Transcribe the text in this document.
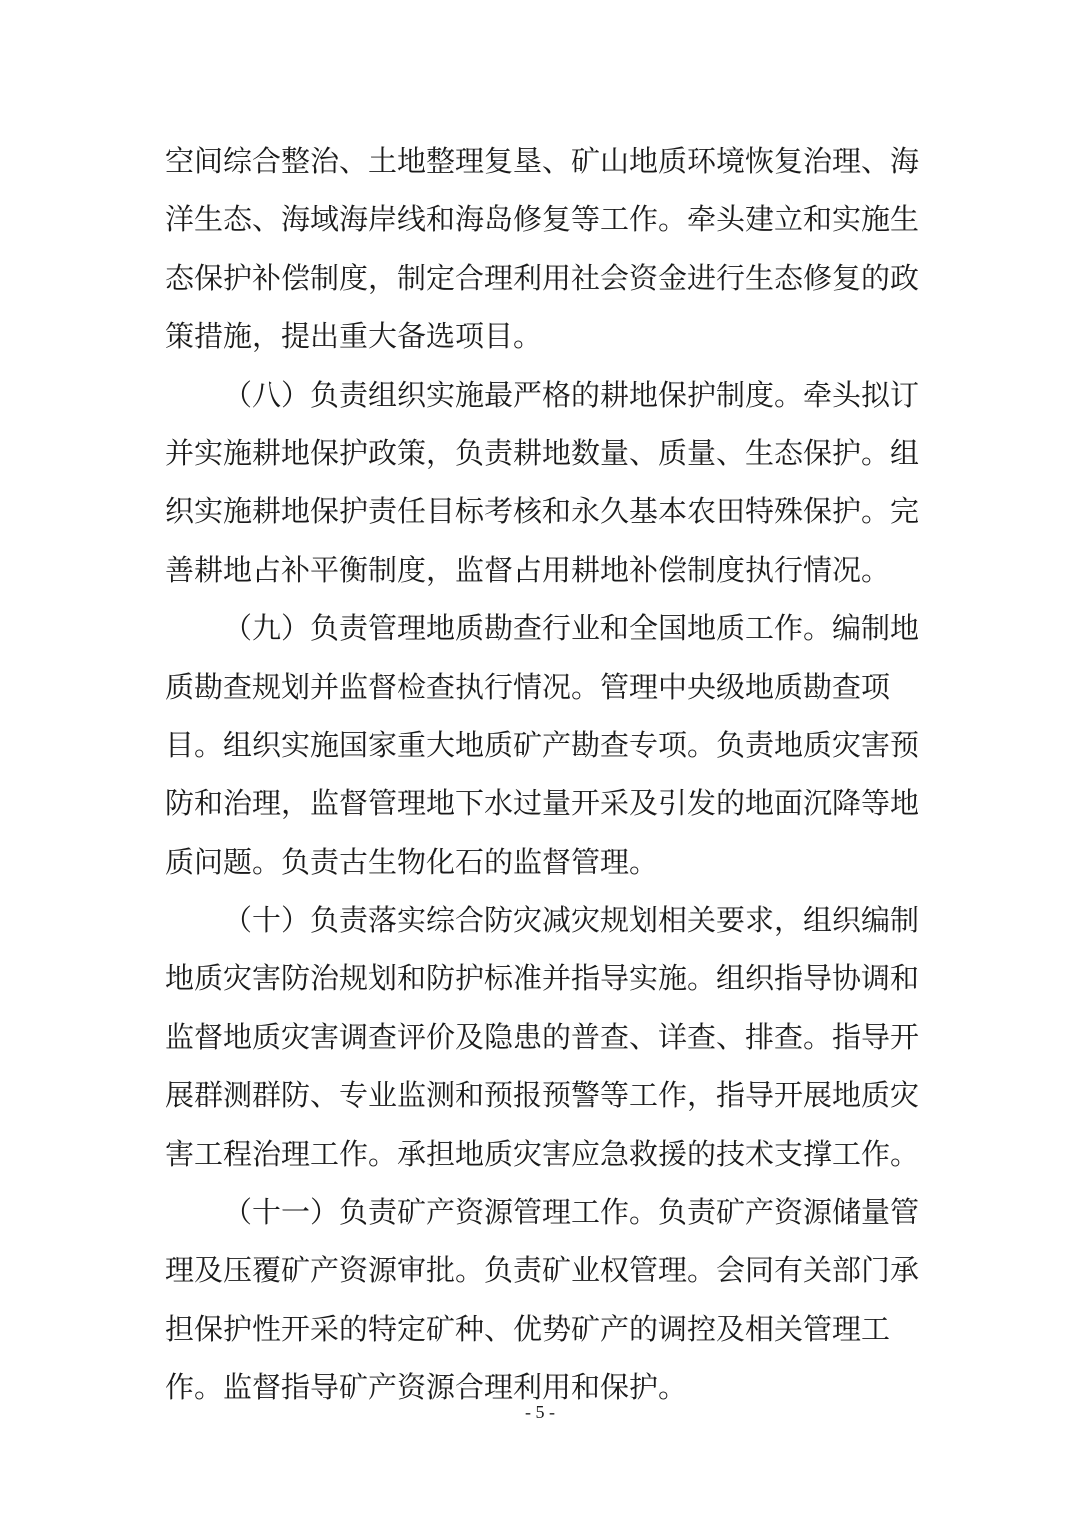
空间综合整治、土地整理复垦、矿山地质环境恢复治理、海
洋生态、海域海岸线和海岛修复等工作。牵头建立和实施生
态保护补偿制度，制定合理利用社会资金进行生态修复的政
策措施，提出重大备选项目。
（八）负责组织实施最严格的耕地保护制度。牵头拟订
并实施耕地保护政策，负责耕地数量、质量、生态保护。组
织实施耕地保护责任目标考核和永久基本农田特殊保护。完
善耕地占补平衡制度，监督占用耕地补偿制度执行情况。
（九）负责管理地质勘查行业和全国地质工作。编制地
质勘查规划并监督检查执行情况。管理中央级地质勘查项
目。组织实施国家重大地质矿产勘查专项。负责地质灾害预
防和治理，监督管理地下水过量开采及引发的地面沉降等地
质问题。负责古生物化石的监督管理。
（十）负责落实综合防灾减灾规划相关要求，组织编制
地质灾害防治规划和防护标准并指导实施。组织指导协调和
监督地质灾害调查评价及隐患的普查、详查、排查。指导开
展群测群防、专业监测和预报预警等工作，指导开展地质灾
害工程治理工作。承担地质灾害应急救援的技术支撑工作。
（十一）负责矿产资源管理工作。负责矿产资源储量管
理及压覆矿产资源审批。负责矿业权管理。会同有关部门承
担保护性开采的特定矿种、优势矿产的调控及相关管理工
作。监督指导矿产资源合理利用和保护。
- 5 -
